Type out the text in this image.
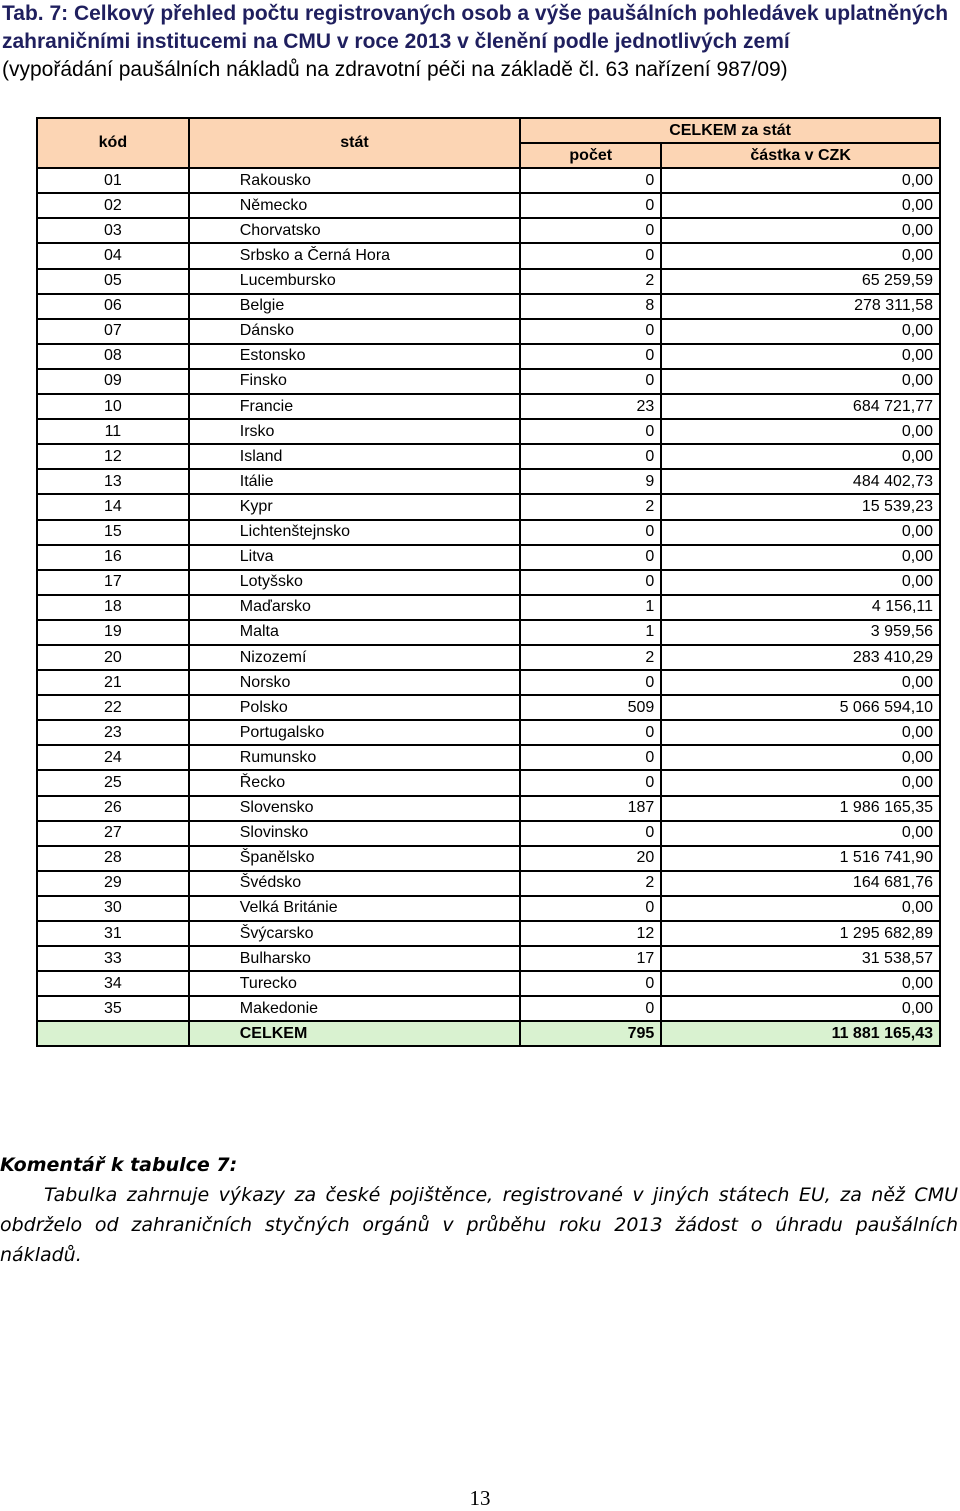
Tab. 7: Celkový přehled počtu registrovaných osob a výše paušálních pohledávek uplatněných
zahraničními institucemi na CMU v roce 2013 v členění podle jednotlivých zemí
(vypořádání paušálních nákladů na zdravotní péči na základě čl. 63 nařízení 987/09)
kód	stát	CELKEM za stát	
		počet	částka v CZK
01	Rakousko	0	0,00
02	Německo	0	0,00
03	Chorvatsko	0	0,00
04	Srbsko a Černá Hora	0	0,00
05	Lucembursko	2	65 259,59
06	Belgie	8	278 311,58
07	Dánsko	0	0,00
08	Estonsko	0	0,00
09	Finsko	0	0,00
10	Francie	23	684 721,77
11	Irsko	0	0,00
12	Island	0	0,00
13	Itálie	9	484 402,73
14	Kypr	2	15 539,23
15	Lichtenštejnsko	0	0,00
16	Litva	0	0,00
17	Lotyšsko	0	0,00
18	Maďarsko	1	4 156,11
19	Malta	1	3 959,56
20	Nizozemí	2	283 410,29
21	Norsko	0	0,00
22	Polsko	509	5 066 594,10
23	Portugalsko	0	0,00
24	Rumunsko	0	0,00
25	Řecko	0	0,00
26	Slovensko	187	1 986 165,35
27	Slovinsko	0	0,00
28	Španělsko	20	1 516 741,90
29	Švédsko	2	164 681,76
30	Velká Británie	0	0,00
31	Švýcarsko	12	1 295 682,89
33	Bulharsko	17	31 538,57
34	Turecko	0	0,00
35	Makedonie	0	0,00
	CELKEM	795	11 881 165,43
Komentář k tabulce 7:
Tabulka zahrnuje výkazy za české pojištěnce, registrované v jiných státech EU, za něž CMU obdrželo od zahraničních styčných orgánů v průběhu roku 2013 žádost o úhradu paušálních nákladů.
13
